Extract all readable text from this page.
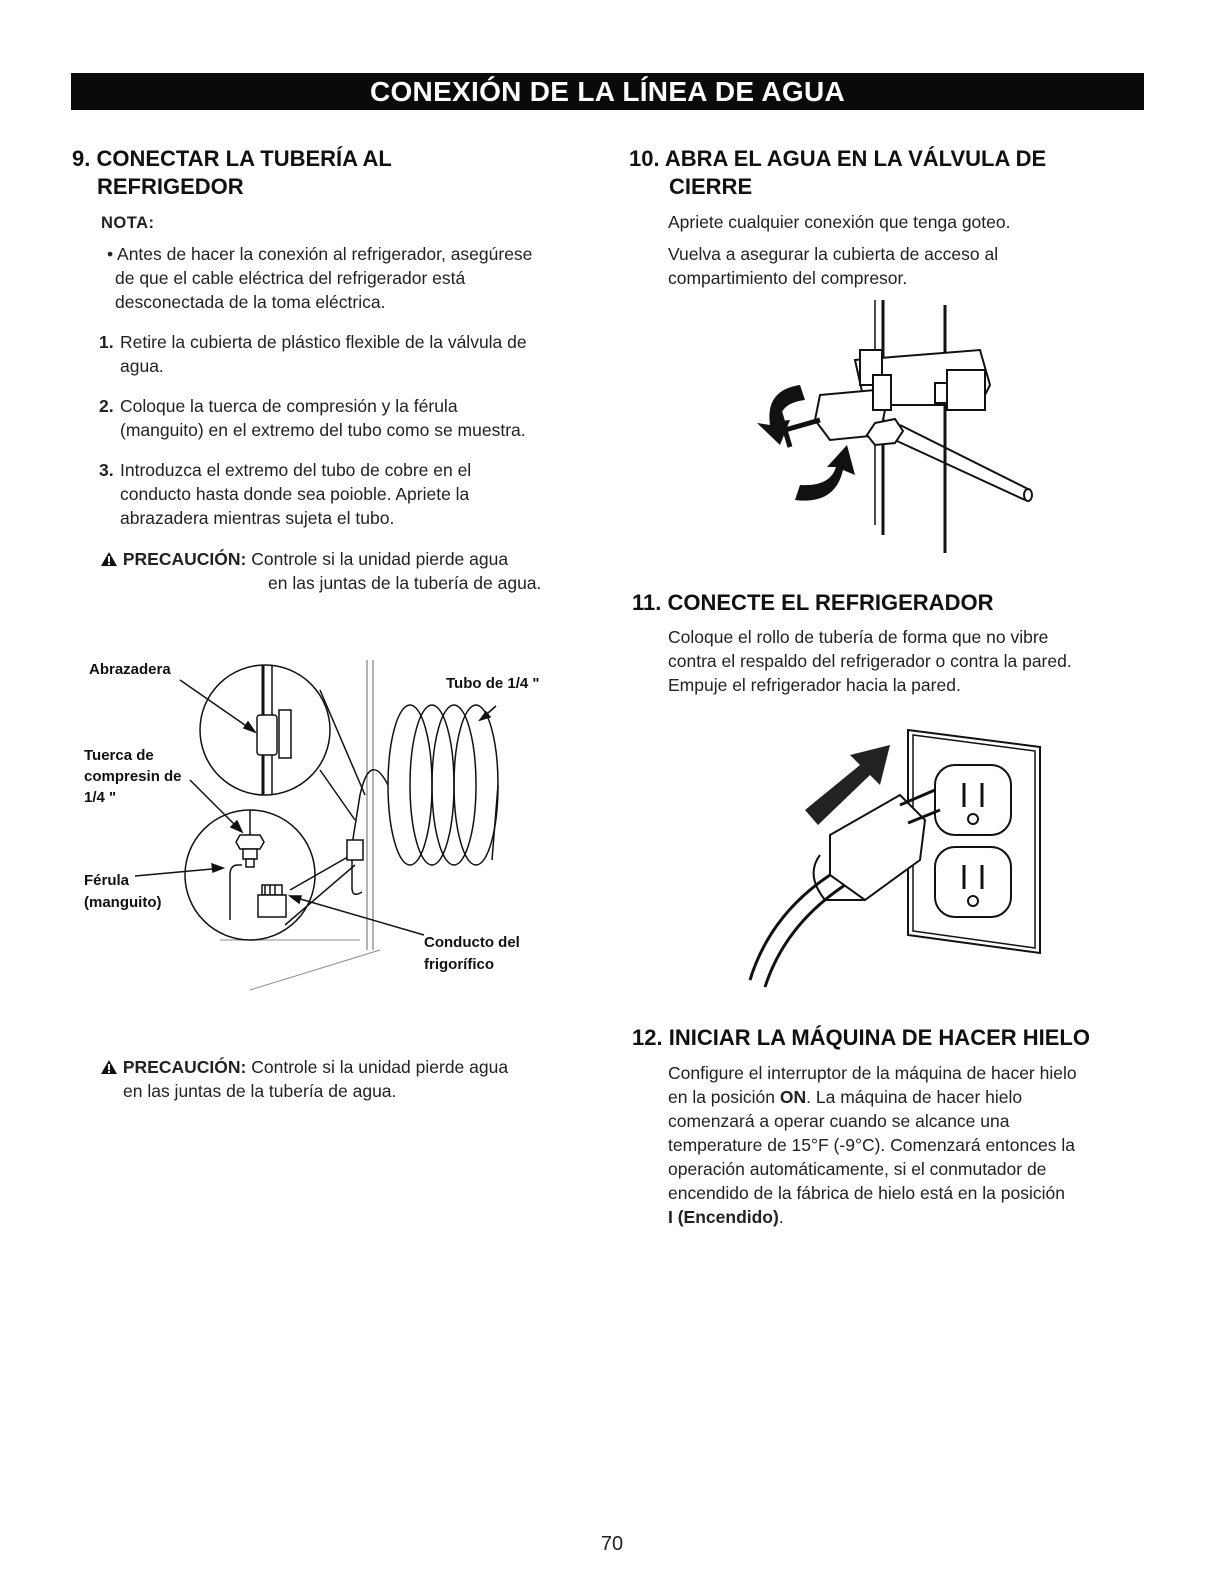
CONEXIÓN DE LA LÍNEA DE AGUA
9. CONECTAR LA TUBERÍA AL
REFRIGEDOR
NOTA:
• Antes de hacer la conexión al refrigerador, asegúrese
de que el cable eléctrica del refrigerador está
desconectada de la toma eléctrica.
1. Retire la cubierta de plástico flexible de la válvula de
agua.
2. Coloque la tuerca de compresión y la férula
(manguito) en el extremo del tubo como se muestra.
3. Introduzca el extremo del tubo de cobre en el
conducto hasta donde sea poioble. Apriete la
abrazadera mientras sujeta el tubo.
PRECAUCIÓN: Controle si la unidad pierde agua
en las juntas de la tubería de agua.
Abrazadera
Tuerca de
compresin de
1/4 "
Férula
(manguito)
Tubo de 1/4 "
Conducto del
frigorífico
PRECAUCIÓN: Controle si la unidad pierde agua
en las juntas de la tubería de agua.
10. ABRA EL AGUA EN LA VÁLVULA DE
CIERRE
Apriete cualquier conexión que tenga goteo.
Vuelva a asegurar la cubierta de acceso al
compartimiento del compresor.
11. CONECTE EL REFRIGERADOR
Coloque el rollo de tubería de forma que no vibre
contra el respaldo del refrigerador o contra la pared.
Empuje el refrigerador hacia la pared.
12. INICIAR LA MÁQUINA DE HACER HIELO
Configure el interruptor de la máquina de hacer hielo
en la posición ON. La máquina de hacer hielo
comenzará a operar cuando se alcance una
temperature de 15°F (-9°C). Comenzará entonces la
operación automáticamente, si el conmutador de
encendido de la fábrica de hielo está en la posición
I (Encendido).
70
